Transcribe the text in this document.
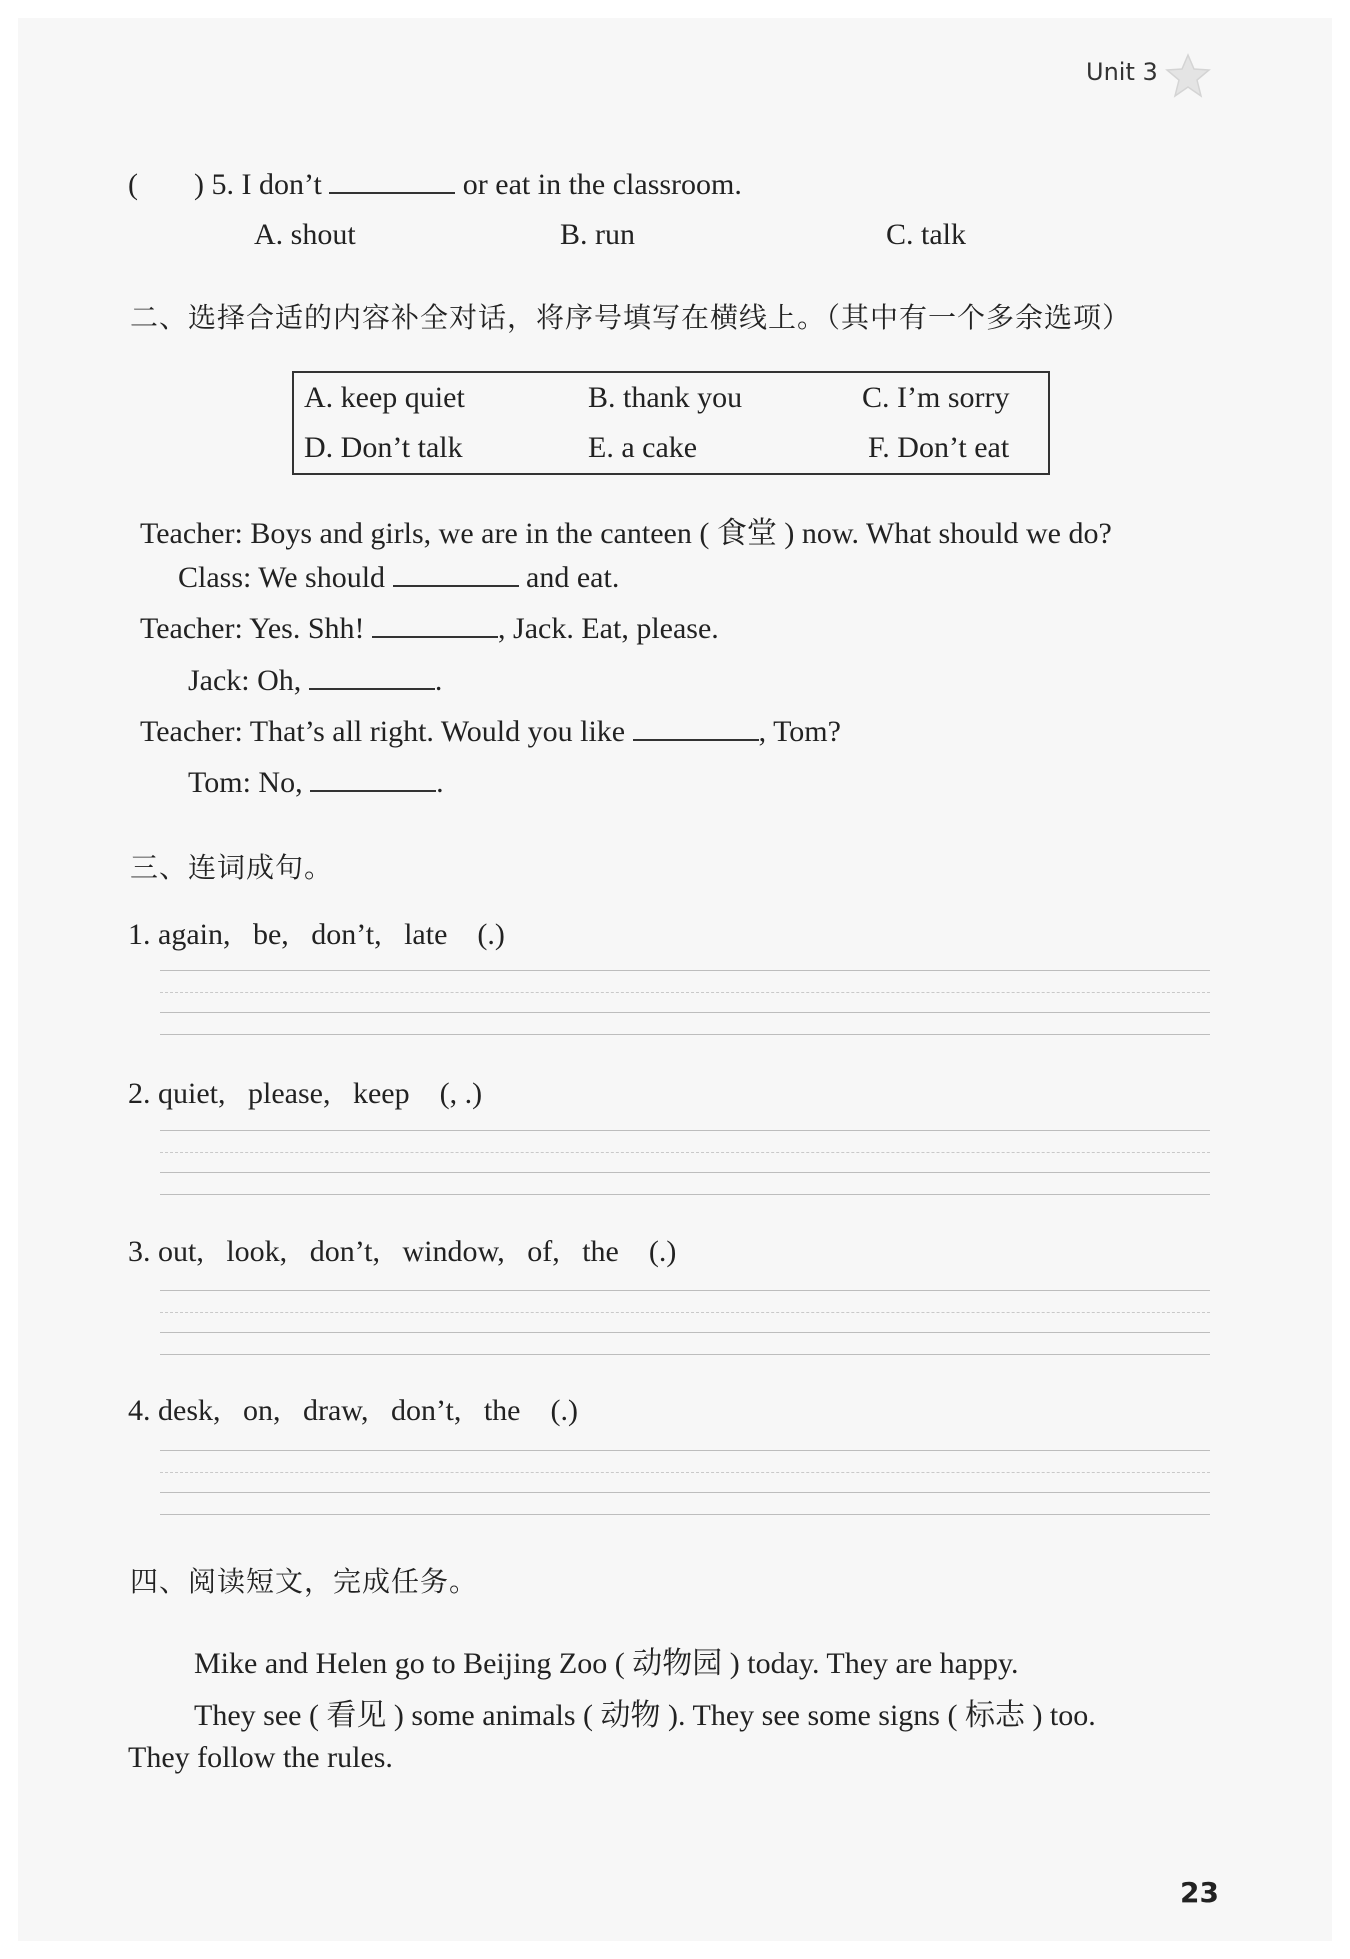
Unit 3
( ) 5. I don’t	or eat in the classroom.
A. shout	B. run	C. talk
二、选择合适的内容补全对话，将序号填写在横线上。（其中有一个多余选项）
A. keep quiet	B. thank you	C. I’m sorry
D. Don’t talk	E. a cake	F. Don’t eat
Teacher: Boys and girls, we are in the canteen ( 食堂 ) now. What should we do?
Class: We should	and eat.
Teacher: Yes. Shh!	, Jack. Eat, please.
Jack: Oh,	.
Teacher: That’s all right. Would you like	, Tom?
Tom: No,	.
三、连词成句。
1. again, be, don’t, late (.)
2. quiet, please, keep (, .)
3. out, look, don’t, window, of, the (.)
4. desk, on, draw, don’t, the (.)
四、阅读短文，完成任务。
Mike and Helen go to Beijing Zoo ( 动物园 ) today. They are happy.
They see ( 看见 ) some animals ( 动物 ). They see some signs ( 标志 ) too.
They follow the rules.
23
